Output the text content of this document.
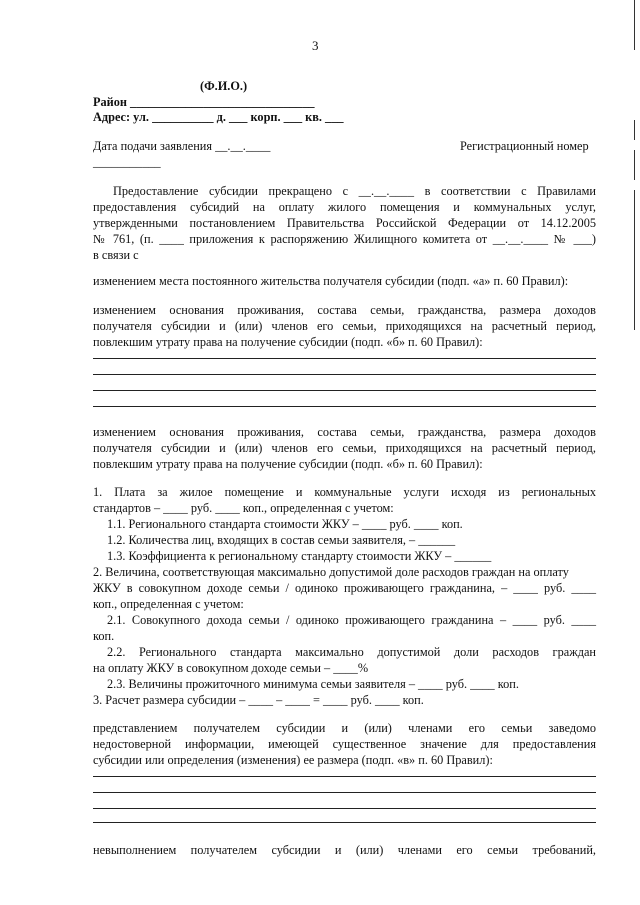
3
(Ф.И.О.)
Район ______________________________
Адрес: ул. __________ д. ___ корп. ___ кв. ___
Дата подачи заявления __.__.____	Регистрационный номер
___________
Предоставление субсидии прекращено с __.__.____ в соответствии с Правилами
предоставления субсидий на оплату жилого помещения и коммунальных услуг,
утвержденными постановлением Правительства Российской Федерации от 14.12.2005
№ 761, (п. ____ приложения к распоряжению Жилищного комитета от __.__.____ № ___)
в связи с
изменением места постоянного жительства получателя субсидии (подп. «а» п. 60 Правил):
изменением основания проживания, состава семьи, гражданства, размера доходов
получателя субсидии и (или) членов его семьи, приходящихся на расчетный период,
повлекшим утрату права на получение субсидии (подп. «б» п. 60 Правил):
изменением основания проживания, состава семьи, гражданства, размера доходов
получателя субсидии и (или) членов его семьи, приходящихся на расчетный период,
повлекшим утрату права на получение субсидии (подп. «б» п. 60 Правил):
1. Плата за жилое помещение и коммунальные услуги исходя из региональных
стандартов – ____ руб. ____ коп., определенная с учетом:
1.1. Регионального стандарта стоимости ЖКУ – ____ руб. ____ коп.
1.2. Количества лиц, входящих в состав семьи заявителя, – ______
1.3. Коэффициента к региональному стандарту стоимости ЖКУ – ______
2. Величина, соответствующая максимально допустимой доле расходов граждан на оплату
ЖКУ в совокупном доходе семьи / одиноко проживающего гражданина, – ____ руб. ____
коп., определенная с учетом:
2.1. Совокупного дохода семьи / одиноко проживающего гражданина – ____ руб. ____
коп.
2.2. Регионального стандарта максимально допустимой доли расходов граждан
на оплату ЖКУ в совокупном доходе семьи – ____%
2.3. Величины прожиточного минимума семьи заявителя – ____ руб. ____ коп.
3. Расчет размера субсидии – ____ – ____ = ____ руб. ____ коп.
представлением получателем субсидии и (или) членами его семьи заведомо
недостоверной информации, имеющей существенное значение для предоставления
субсидии или определения (изменения) ее размера (подп. «в» п. 60 Правил):
невыполнением получателем субсидии и (или) членами его семьи требований,
